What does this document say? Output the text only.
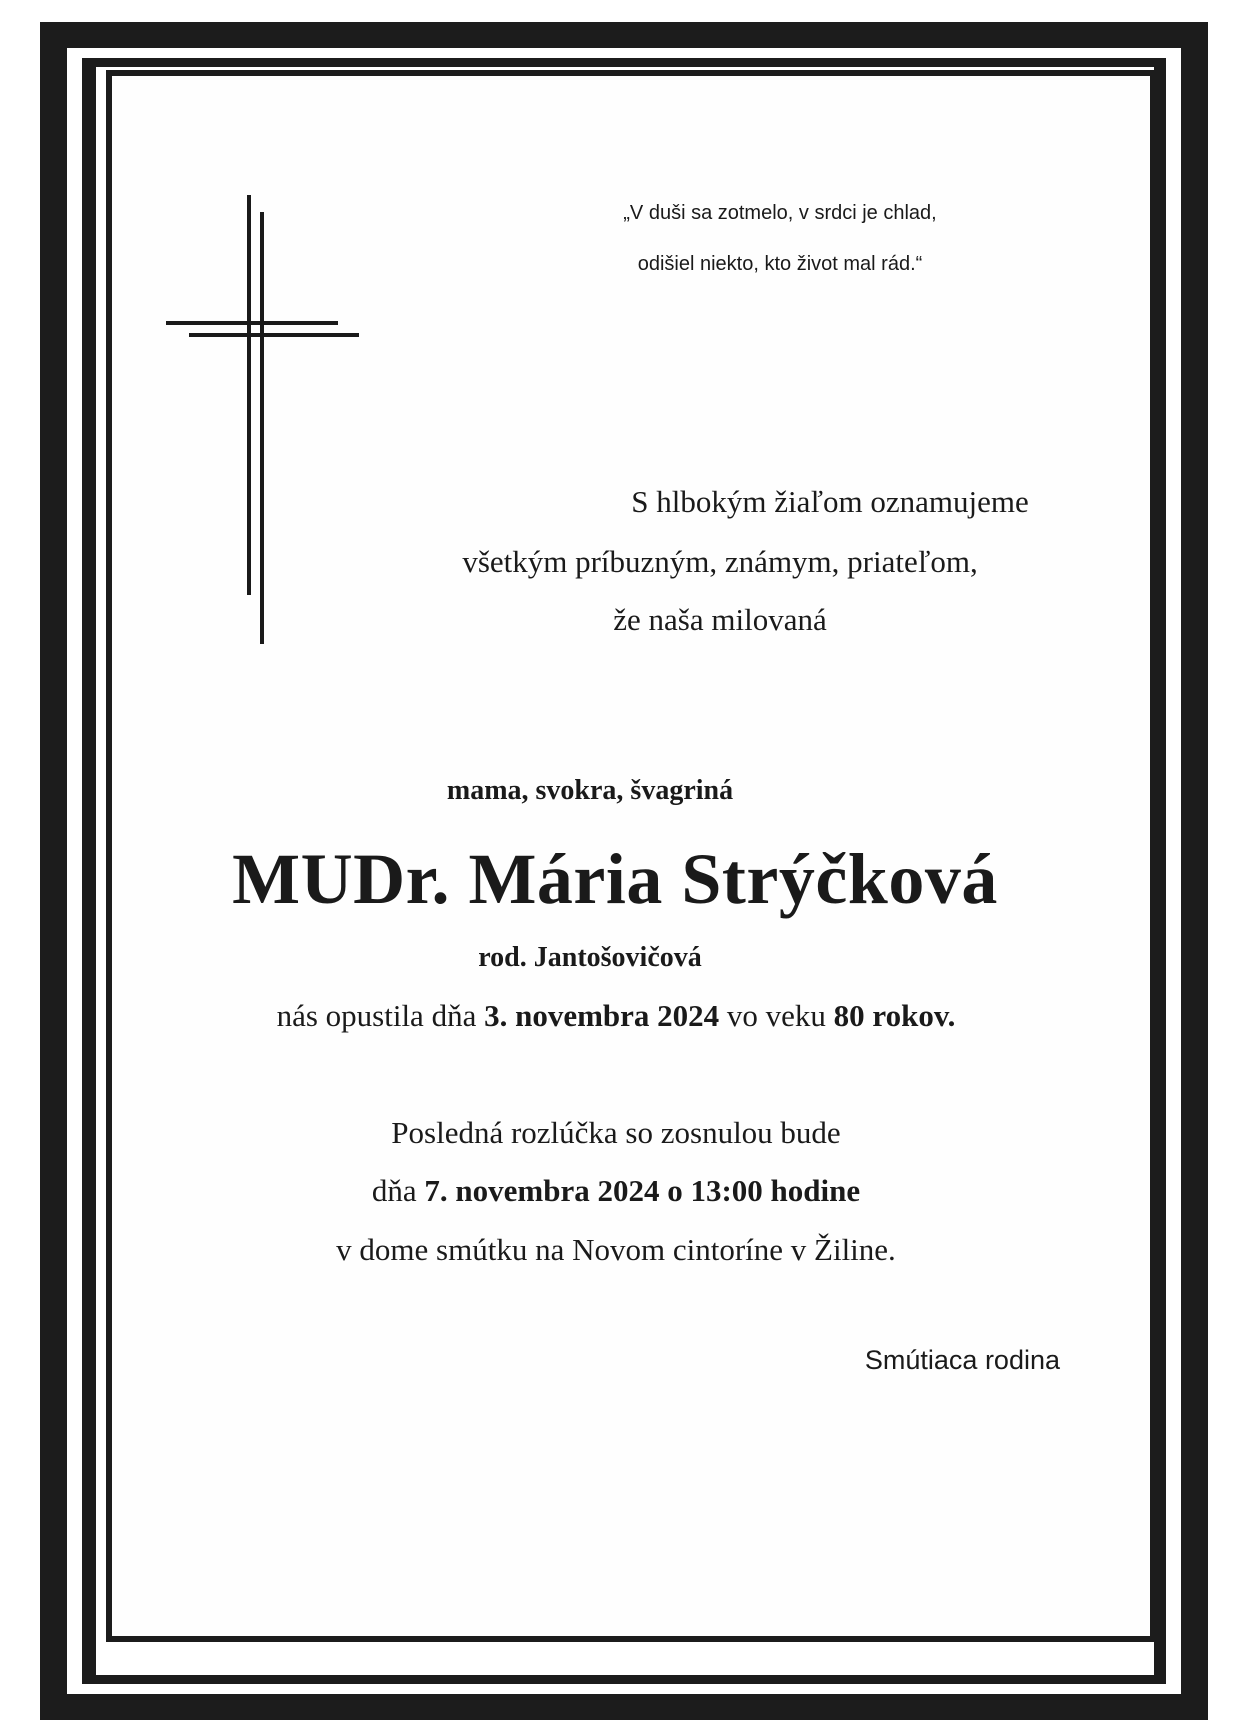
„V duši sa zotmelo, v srdci je chlad,
odišiel niekto, kto život mal rád.“
S hlbokým žiaľom oznamujeme
všetkým príbuzným, známym, priateľom,
že naša milovaná
mama, svokra, švagriná
MUDr. Mária Strýčková
rod. Jantošovičová
nás opustila dňa 3. novembra 2024 vo veku 80 rokov.
Posledná rozlúčka so zosnulou bude
dňa 7. novembra 2024 o 13:00 hodine
v dome smútku na Novom cintoríne v Žiline.
Smútiaca rodina
